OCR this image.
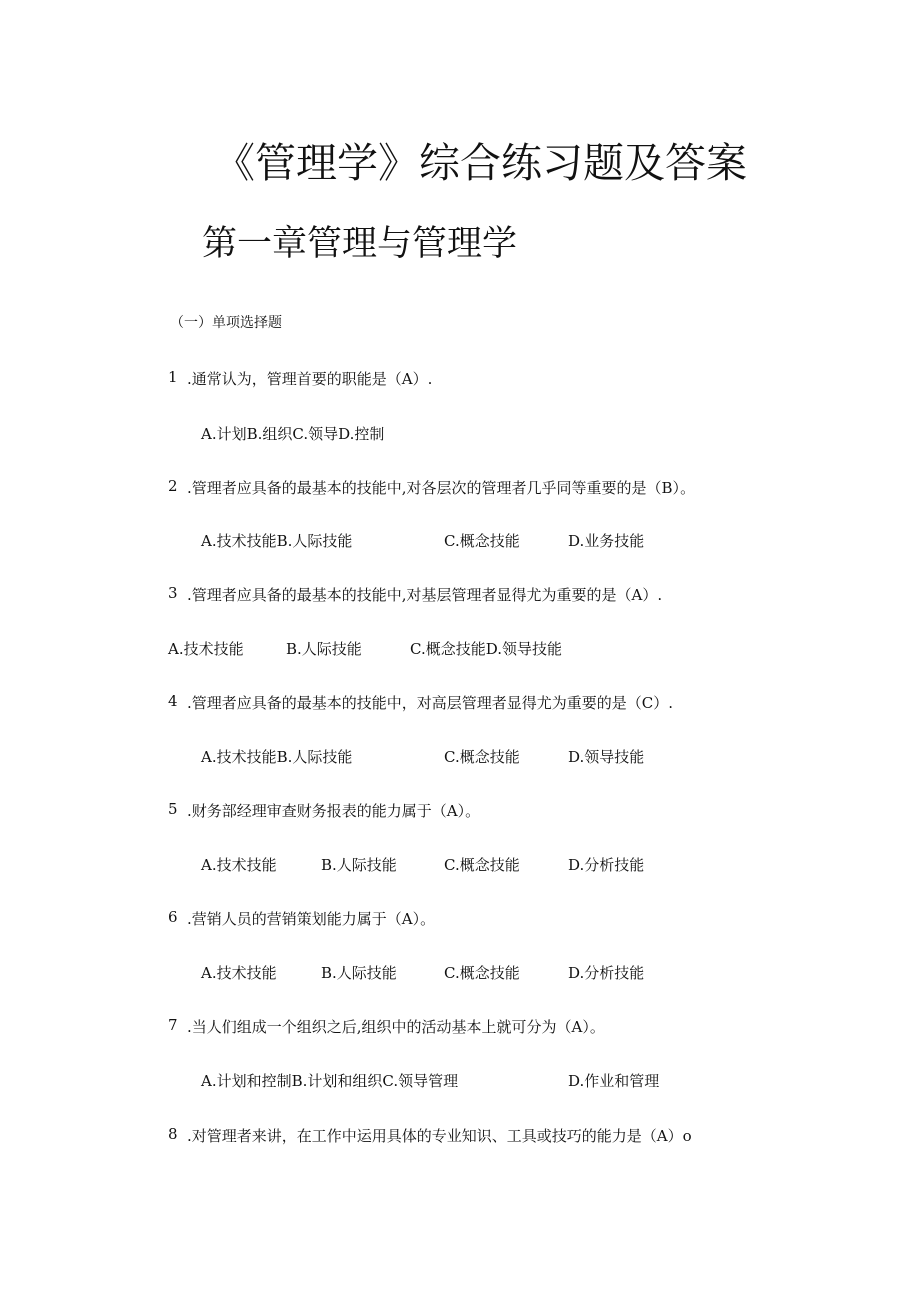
《管理学》综合练习题及答案
第一章管理与管理学
（一）单项选择题
1 .通常认为，管理首要的职能是（A）.
A.计划B.组织C.领导D.控制
2 .管理者应具备的最基本的技能中,对各层次的管理者几乎同等重要的是（B）。
A.技术技能B.人际技能	C.概念技能	D.业务技能
3 .管理者应具备的最基本的技能中,对基层管理者显得尤为重要的是（A）.
A.技术技能	B.人际技能	C.概念技能D.领导技能
4 .管理者应具备的最基本的技能中，对高层管理者显得尤为重要的是（C）.
A.技术技能B.人际技能	C.概念技能	D.领导技能
5 .财务部经理审查财务报表的能力属于（A）。
A.技术技能	B.人际技能	C.概念技能	D.分析技能
6 .营销人员的营销策划能力属于（A）。
A.技术技能	B.人际技能	C.概念技能	D.分析技能
7 .当人们组成一个组织之后,组织中的活动基本上就可分为（A）。
A.计划和控制B.计划和组织C.领导管理	D.作业和管理
8 .对管理者来讲，在工作中运用具体的专业知识、工具或技巧的能力是（A）o
